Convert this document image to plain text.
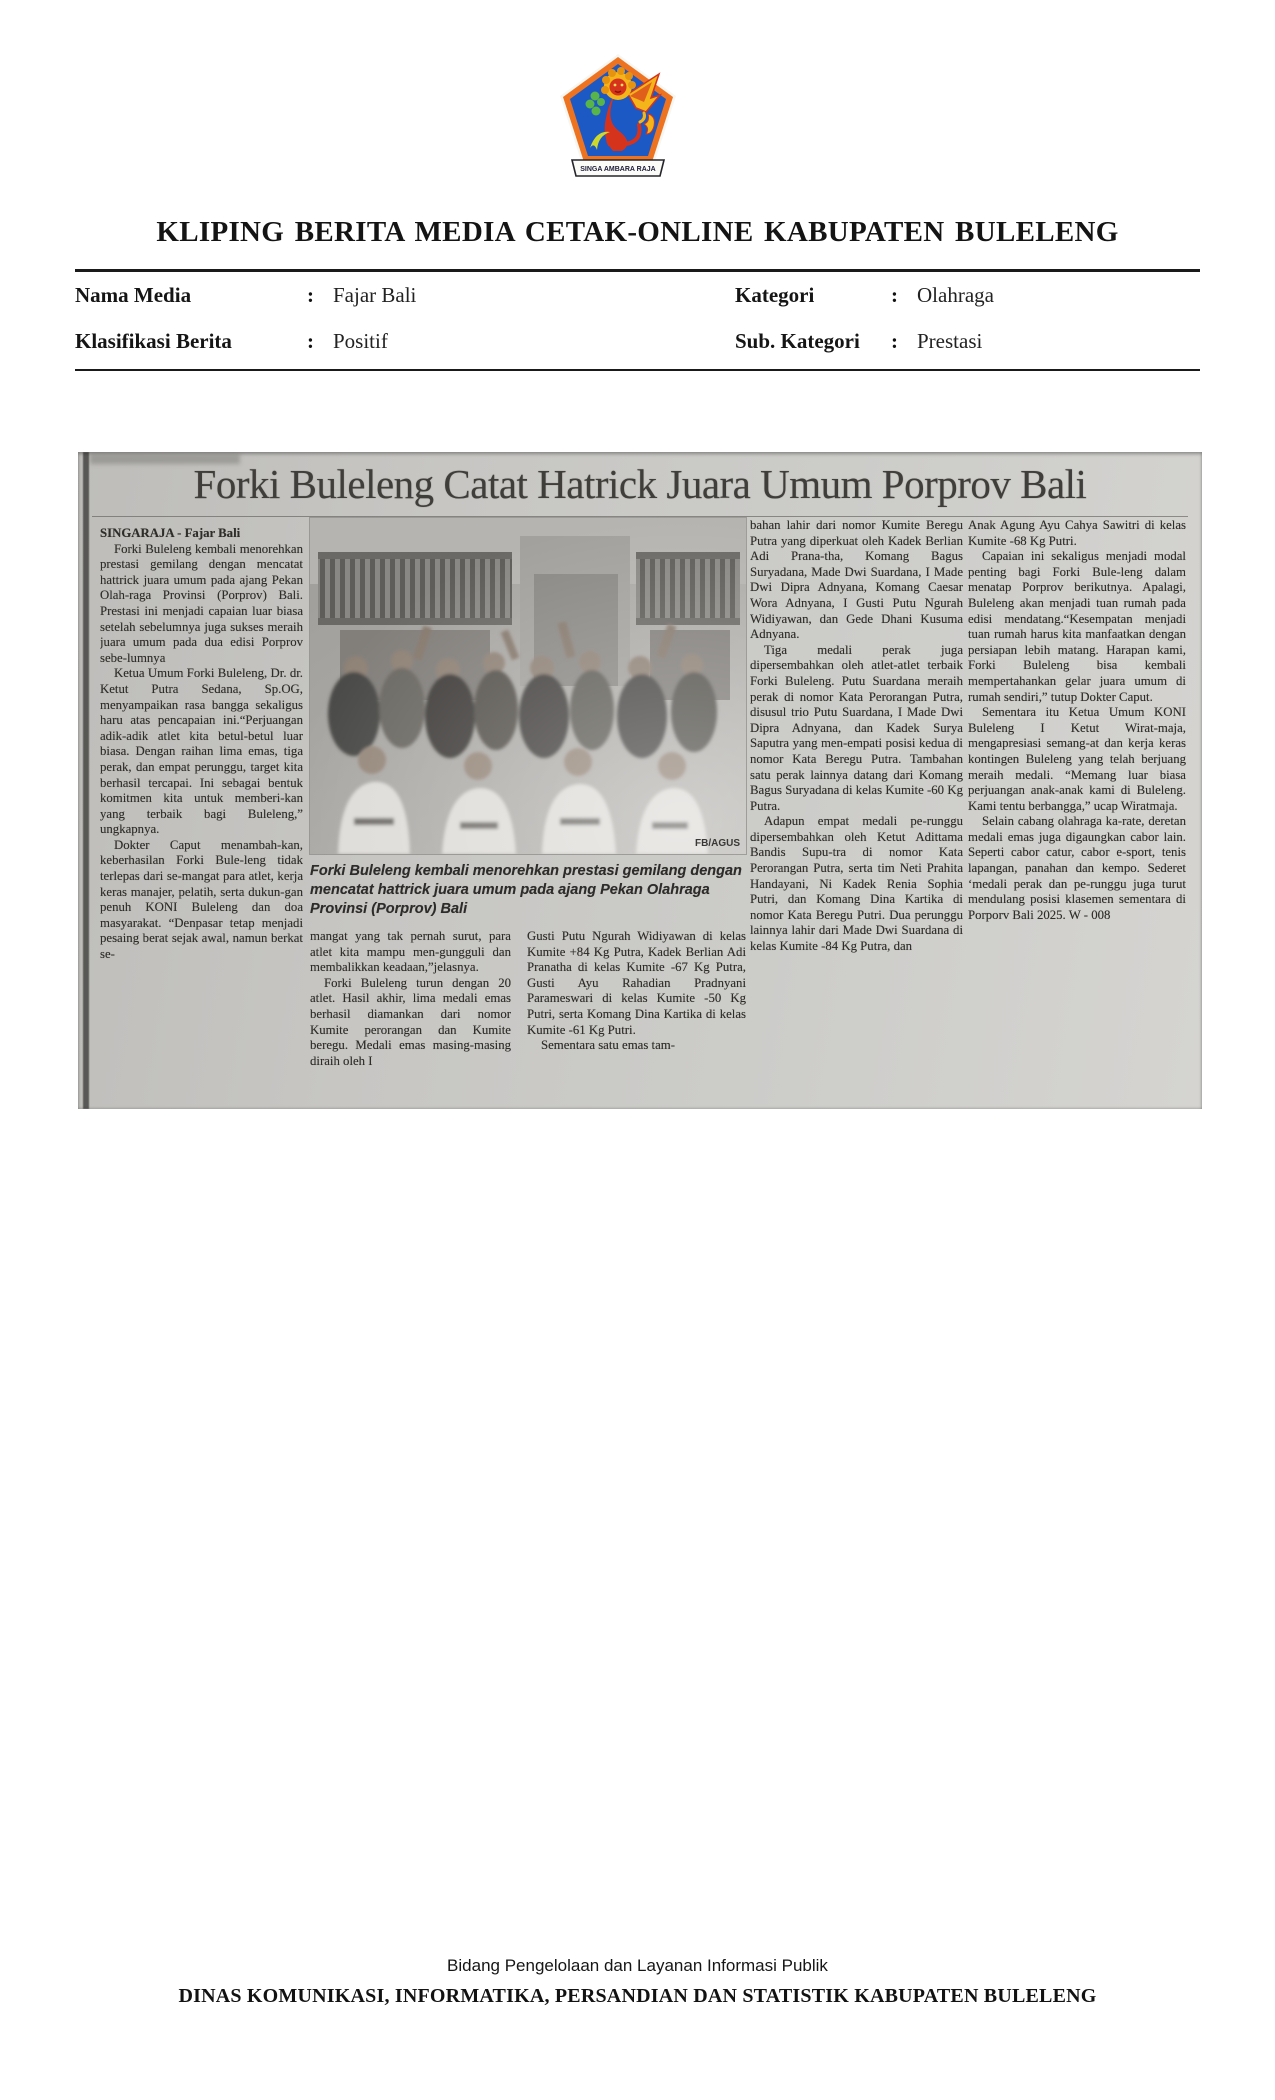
SINGA AMBARA RAJA
KLIPING BERITA MEDIA CETAK-ONLINE KABUPATEN BULELENG
Nama Media	: Fajar Bali	Kategori	: Olahraga
Klasifikasi Berita	: Positif	Sub. Kategori	: Prestasi
Forki Buleleng Catat Hatrick Juara Umum Porprov Bali

SINGARAJA - Fajar Bali

Forki Buleleng kembali menorehkan prestasi gemilang dengan mencatat hattrick juara umum pada ajang Pekan Olah-raga Provinsi (Porprov) Bali. Prestasi ini menjadi capaian luar biasa setelah sebelumnya juga sukses meraih juara umum pada dua edisi Porprov sebe-lumnya

Ketua Umum Forki Buleleng, Dr. dr. Ketut Putra Sedana, Sp.OG, menyampaikan rasa bangga sekaligus haru atas pencapaian ini.“Perjuangan adik-adik atlet kita betul-betul luar biasa. Dengan raihan lima emas, tiga perak, dan empat perunggu, target kita berhasil tercapai. Ini sebagai bentuk komitmen kita untuk memberi-kan yang terbaik bagi Buleleng,” ungkapnya.

Dokter Caput menambah-kan, keberhasilan Forki Bule-leng tidak terlepas dari se-mangat para atlet, kerja keras manajer, pelatih, serta dukun-gan penuh KONI Buleleng dan doa masyarakat. “Denpasar tetap menjadi pesaing berat sejak awal, namun berkat se-

FB/AGUS
Forki Buleleng kembali menorehkan prestasi gemilang dengan mencatat hattrick juara umum pada ajang Pekan Olahraga Provinsi (Porprov) Bali

mangat yang tak pernah surut, para atlet kita mampu men-gungguli dan membalikkan keadaan,”jelasnya.

Forki Buleleng turun dengan 20 atlet. Hasil akhir, lima medali emas berhasil diamankan dari nomor Kumite perorangan dan Kumite beregu. Medali emas masing-masing diraih oleh I

Gusti Putu Ngurah Widiyawan di kelas Kumite +84 Kg Putra, Kadek Berlian Adi Pranatha di kelas Kumite -67 Kg Putra, Gusti Ayu Rahadian Pradnyani Parameswari di kelas Kumite -50 Kg Putri, serta Komang Dina Kartika di kelas Kumite -61 Kg Putri.

Sementara satu emas tam-

bahan lahir dari nomor Kumite Beregu Putra yang diperkuat oleh Kadek Berlian Adi Prana-tha, Komang Bagus Suryadana, Made Dwi Suardana, I Made Dwi Dipra Adnyana, Komang Caesar Wora Adnyana, I Gusti Putu Ngurah Widiyawan, dan Gede Dhani Kusuma Adnyana.

Tiga medali perak juga dipersembahkan oleh atlet-atlet terbaik Forki Buleleng. Putu Suardana meraih perak di nomor Kata Perorangan Putra, disusul trio Putu Suardana, I Made Dwi Dipra Adnyana, dan Kadek Surya Saputra yang men-empati posisi kedua di nomor Kata Beregu Putra. Tambahan satu perak lainnya datang dari Komang Bagus Suryadana di kelas Kumite -60 Kg Putra.

Adapun empat medali pe-runggu dipersembahkan oleh Ketut Adittama Bandis Supu-tra di nomor Kata Perorangan Putra, serta tim Neti Prahita Handayani, Ni Kadek Renia Sophia Putri, dan Komang Dina Kartika di nomor Kata Beregu Putri. Dua perunggu lainnya lahir dari Made Dwi Suardana di kelas Kumite -84 Kg Putra, dan

Anak Agung Ayu Cahya Sawitri di kelas Kumite -68 Kg Putri.

Capaian ini sekaligus menjadi modal penting bagi Forki Bule-leng dalam menatap Porprov berikutnya. Apalagi, Buleleng akan menjadi tuan rumah pada edisi mendatang.“Kesempatan menjadi tuan rumah harus kita manfaatkan dengan persiapan lebih matang. Harapan kami, Forki Buleleng bisa kembali mempertahankan gelar juara umum di rumah sendiri,” tutup Dokter Caput.

Sementara itu Ketua Umum KONI Buleleng I Ketut Wirat-maja, mengapresiasi semang-at dan kerja keras kontingen Buleleng yang telah berjuang meraih medali. “Memang luar biasa perjuangan anak-anak kami di Buleleng. Kami tentu berbangga,” ucap Wiratmaja.

Selain cabang olahraga ka-rate, deretan medali emas juga digaungkan cabor lain. Seperti cabor catur, cabor e-sport, tenis lapangan, panahan dan kempo. Sederet ‘medali perak dan pe-runggu juga turut mendulang posisi klasemen sementara di Porporv Bali 2025. W - 008

Bidang Pengelolaan dan Layanan Informasi Publik
DINAS KOMUNIKASI, INFORMATIKA, PERSANDIAN DAN STATISTIK KABUPATEN BULELENG
